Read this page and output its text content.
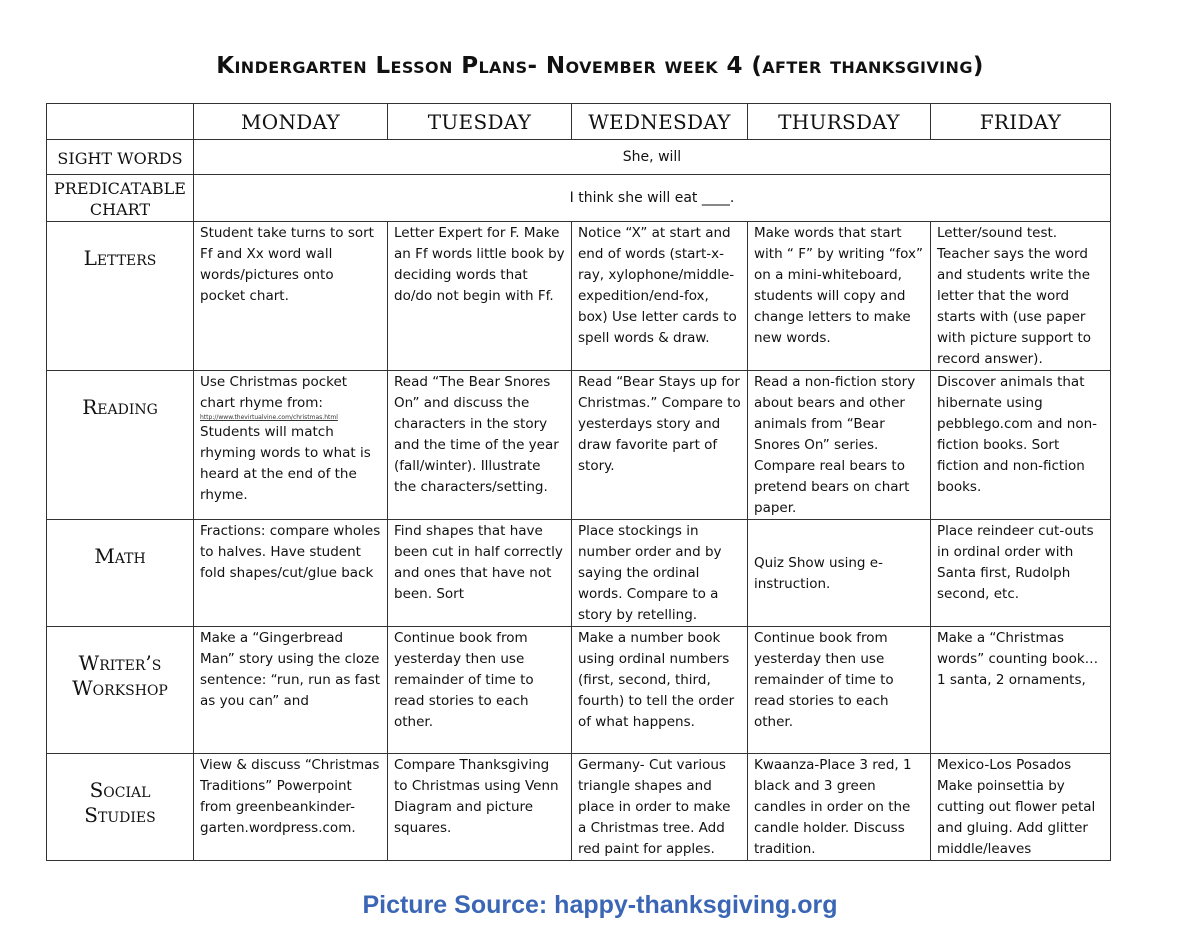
Kindergarten Lesson Plans- November week 4 (after thanksgiving)
	MONDAY	TUESDAY	WEDNESDAY	THURSDAY	FRIDAY
SIGHT WORDS	She, will				
PREDICATABLE
CHART	I think she will eat ____.				
Letters	Student take turns to sort Ff and Xx word wall words/pictures onto pocket chart.	Letter Expert for F. Make an Ff words little book by deciding words that do/do not begin with Ff.	Notice “X” at start and end of words (start-x-ray, xylophone/middle-expedition/end-fox, box) Use letter cards to spell words & draw.	Make words that start with “ F” by writing “fox” on a mini-whiteboard, students will copy and change letters to make new words.	Letter/sound test. Teacher says the word and students write the letter that the word starts with (use paper with picture support to record answer).
Reading	Use Christmas pocket chart rhyme from:
http://www.thevirtualvine.com/christmas.html
Students will match rhyming words to what is heard at the end of the rhyme.	Read “The Bear Snores On” and discuss the characters in the story and the time of the year (fall/winter). Illustrate the characters/setting.	Read “Bear Stays up for Christmas.” Compare to yesterdays story and draw favorite part of story.	Read a non-fiction story about bears and other animals from “Bear Snores On” series. Compare real bears to pretend bears on chart paper.	Discover animals that hibernate using pebblego.com and non-fiction books. Sort fiction and non-fiction books.
Math	Fractions: compare wholes to halves. Have student fold shapes/cut/glue back	Find shapes that have been cut in half correctly and ones that have not been. Sort	Place stockings in number order and by saying the ordinal words. Compare to a story by retelling.	Quiz Show using e-instruction.	Place reindeer cut-outs in ordinal order with Santa first, Rudolph second, etc.
Writer’s
Workshop	Make a “Gingerbread Man” story using the cloze sentence: “run, run as fast as you can” and	Continue book from yesterday then use remainder of time to read stories to each other.	Make a number book using ordinal numbers (first, second, third, fourth) to tell the order of what happens.	Continue book from yesterday then use remainder of time to read stories to each other.	Make a “Christmas words” counting book…1 santa, 2 ornaments,
Social
Studies	View & discuss “Christmas Traditions” Powerpoint from greenbeankinder-garten.wordpress.com.	Compare Thanksgiving to Christmas using Venn Diagram and picture squares.	Germany- Cut various triangle shapes and place in order to make a Christmas tree. Add red paint for apples.	Kwaanza-Place 3 red, 1 black and 3 green candles in order on the candle holder. Discuss tradition.	Mexico-Los Posados Make poinsettia by cutting out flower petal and gluing. Add glitter middle/leaves
Picture Source: happy-thanksgiving.org
